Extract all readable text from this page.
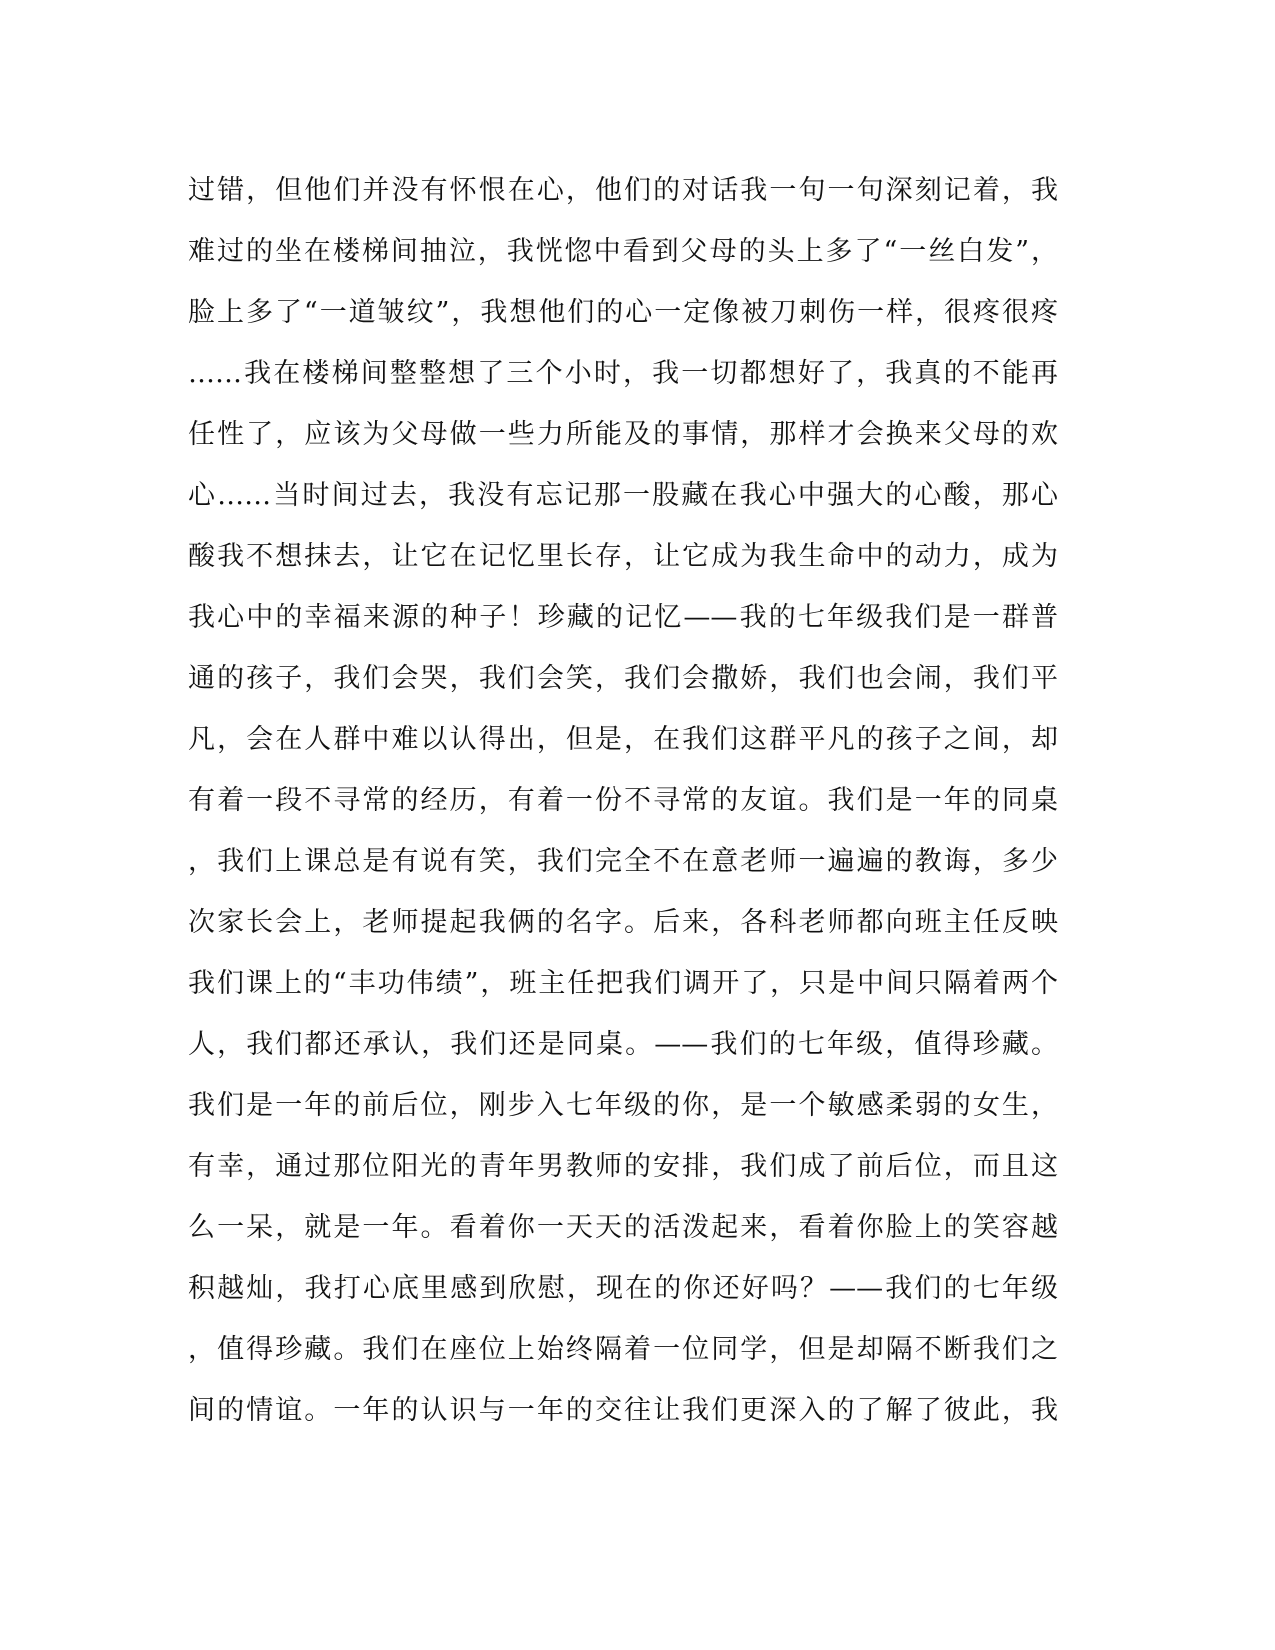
过错，但他们并没有怀恨在心，他们的对话我一句一句深刻记着，我
难过的坐在楼梯间抽泣，我恍惚中看到父母的头上多了“一丝白发”，
脸上多了“一道皱纹”，我想他们的心一定像被刀刺伤一样，很疼很疼
……我在楼梯间整整想了三个小时，我一切都想好了，我真的不能再
任性了，应该为父母做一些力所能及的事情，那样才会换来父母的欢
心……当时间过去，我没有忘记那一股藏在我心中强大的心酸，那心
酸我不想抹去，让它在记忆里长存，让它成为我生命中的动力，成为
我心中的幸福来源的种子！珍藏的记忆——我的七年级我们是一群普
通的孩子，我们会哭，我们会笑，我们会撒娇，我们也会闹，我们平
凡，会在人群中难以认得出，但是，在我们这群平凡的孩子之间，却
有着一段不寻常的经历，有着一份不寻常的友谊。我们是一年的同桌
，我们上课总是有说有笑，我们完全不在意老师一遍遍的教诲，多少
次家长会上，老师提起我俩的名字。后来，各科老师都向班主任反映
我们课上的“丰功伟绩”，班主任把我们调开了，只是中间只隔着两个
人，我们都还承认，我们还是同桌。——我们的七年级，值得珍藏。
我们是一年的前后位，刚步入七年级的你，是一个敏感柔弱的女生，
有幸，通过那位阳光的青年男教师的安排，我们成了前后位，而且这
么一呆，就是一年。看着你一天天的活泼起来，看着你脸上的笑容越
积越灿，我打心底里感到欣慰，现在的你还好吗？——我们的七年级
，值得珍藏。我们在座位上始终隔着一位同学，但是却隔不断我们之
间的情谊。一年的认识与一年的交往让我们更深入的了解了彼此，我
